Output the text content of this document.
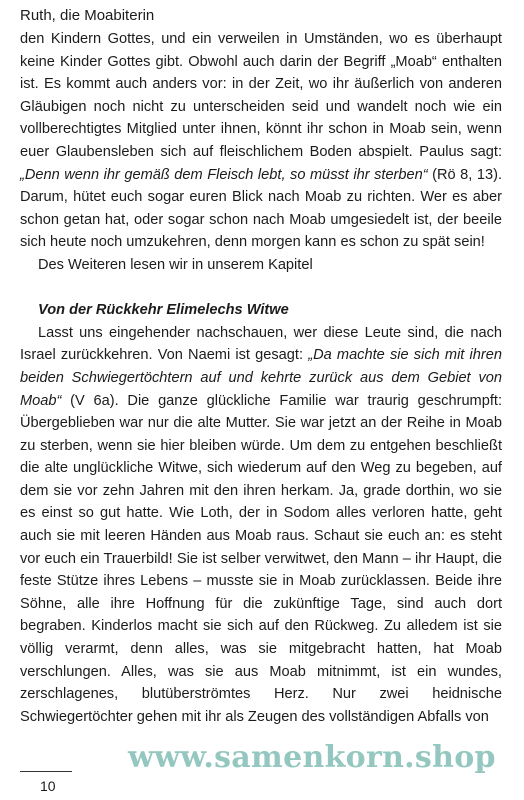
Ruth, die Moabiterin

den Kindern Gottes, und ein verweilen in Umständen, wo es überhaupt keine Kinder Gottes gibt. Obwohl auch darin der Begriff „Moab“ enthalten ist. Es kommt auch anders vor: in der Zeit, wo ihr äußerlich von anderen Gläubigen noch nicht zu unterscheiden seid und wandelt noch wie ein vollberechtigtes Mitglied unter ihnen, könnt ihr schon in Moab sein, wenn euer Glaubensleben sich auf fleischlichem Boden abspielt. Paulus sagt: „Denn wenn ihr gemäß dem Fleisch lebt, so müsst ihr sterben“ (Rö 8, 13). Darum, hütet euch sogar euren Blick nach Moab zu richten. Wer es aber schon getan hat, oder sogar schon nach Moab umgesiedelt ist, der beeile sich heute noch umzukehren, denn morgen kann es schon zu spät sein!

Des Weiteren lesen wir in unserem Kapitel

Von der Rückkehr Elimelechs Witwe

Lasst uns eingehender nachschauen, wer diese Leute sind, die nach Israel zurückkehren. Von Naemi ist gesagt: „Da machte sie sich mit ihren beiden Schwiegertöchtern auf und kehrte zurück aus dem Gebiet von Moab“ (V 6a). Die ganze glückliche Familie war traurig geschrumpft: Übergeblieben war nur die alte Mutter. Sie war jetzt an der Reihe in Moab zu sterben, wenn sie hier bleiben würde. Um dem zu entgehen beschließt die alte unglückliche Witwe, sich wiederum auf den Weg zu begeben, auf dem sie vor zehn Jahren mit den ihren herkam. Ja, grade dorthin, wo sie es einst so gut hatte. Wie Loth, der in Sodom alles verloren hatte, geht auch sie mit leeren Händen aus Moab raus. Schaut sie euch an: es steht vor euch ein Trauerbild! Sie ist selber verwitwet, den Mann – ihr Haupt, die feste Stütze ihres Lebens – musste sie in Moab zurücklassen. Beide ihre Söhne, alle ihre Hoffnung für die zukünftige Tage, sind auch dort begraben. Kinderlos macht sie sich auf den Rückweg. Zu alledem ist sie völlig verarmt, denn alles, was sie mitgebracht hatten, hat Moab verschlungen. Alles, was sie aus Moab mitnimmt, ist ein wundes, zerschlagenes, blutüberströmtes Herz. Nur zwei heidnische Schwiegertöchter gehen mit ihr als Zeugen des vollständigen Abfalls von

www.samenkorn.shop
10
